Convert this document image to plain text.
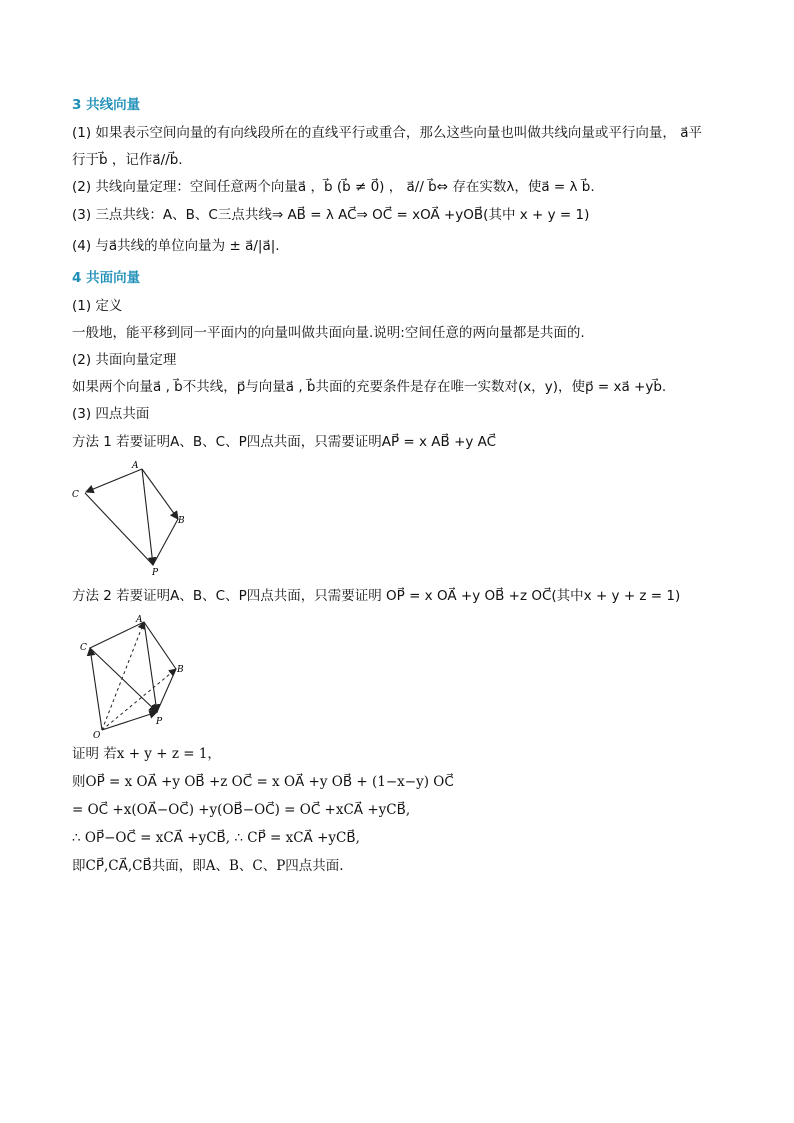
3 共线向量
(1) 如果表示空间向量的有向线段所在的直线平行或重合，那么这些向量也叫做共线向量或平行向量， a⃗平
行于b⃗ ，记作a⃗//b⃗.
(2) 共线向量定理：空间任意两个向量a⃗ ，b⃗ (b⃗ ≠ 0⃗) ， a⃗// b⃗⇔ 存在实数λ，使a⃗ = λ b⃗.
(3) 三点共线：A、B、C三点共线⇒ AB⃗ = λ AC⃗⇒ OC⃗ = xOA⃗ +yOB⃗(其中 x + y = 1)
(4) 与a⃗共线的单位向量为 ± a⃗/|a⃗|.
4 共面向量
(1) 定义
一般地，能平移到同一平面内的向量叫做共面向量.说明:空间任意的两向量都是共面的.
(2) 共面向量定理
如果两个向量a⃗ , b⃗不共线，p⃗与向量a⃗ , b⃗共面的充要条件是存在唯一实数对(x，y)，使p⃗ = xa⃗ +yb⃗.
(3) 四点共面
方法 1 若要证明A、B、C、P四点共面，只需要证明AP⃗ = x AB⃗ +y AC⃗
A
B
C
P
方法 2 若要证明A、B、C、P四点共面，只需要证明 OP⃗ = x OA⃗ +y OB⃗ +z OC⃗(其中x + y + z = 1)
A
B
C
P
O
证明 若x + y + z = 1，
则OP⃗ = x OA⃗ +y OB⃗ +z OC⃗ = x OA⃗ +y OB⃗ + (1−x−y) OC⃗
= OC⃗ +x(OA⃗−OC⃗) +y(OB⃗−OC⃗) = OC⃗ +xCA⃗ +yCB⃗,
∴ OP⃗−OC⃗ = xCA⃗ +yCB⃗, ∴ CP⃗ = xCA⃗ +yCB⃗,
即CP⃗,CA⃗,CB⃗共面，即A、B、C、P四点共面.
